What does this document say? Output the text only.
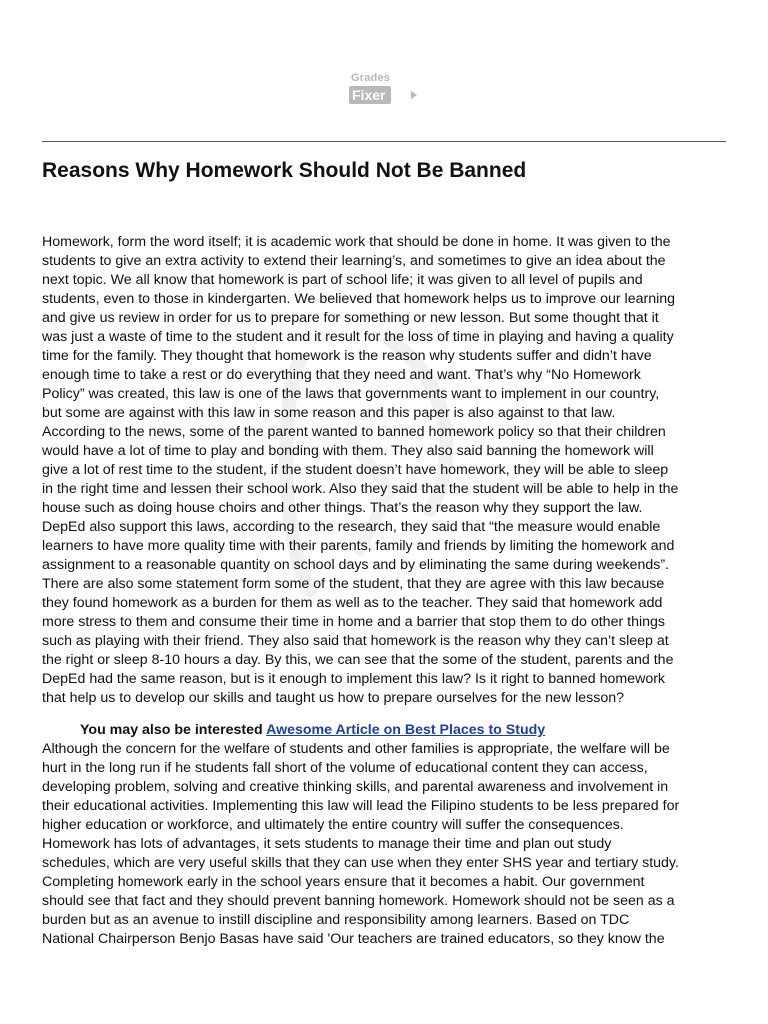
Grades
Fixer
Reasons Why Homework Should Not Be Banned
Homework, form the word itself; it is academic work that should be done in home. It was given to the
students to give an extra activity to extend their learning’s, and sometimes to give an idea about the
next topic. We all know that homework is part of school life; it was given to all level of pupils and
students, even to those in kindergarten. We believed that homework helps us to improve our learning
and give us review in order for us to prepare for something or new lesson. But some thought that it
was just a waste of time to the student and it result for the loss of time in playing and having a quality
time for the family. They thought that homework is the reason why students suffer and didn’t have
enough time to take a rest or do everything that they need and want. That’s why “No Homework
Policy” was created, this law is one of the laws that governments want to implement in our country,
but some are against with this law in some reason and this paper is also against to that law.
According to the news, some of the parent wanted to banned homework policy so that their children
would have a lot of time to play and bonding with them. They also said banning the homework will
give a lot of rest time to the student, if the student doesn’t have homework, they will be able to sleep
in the right time and lessen their school work. Also they said that the student will be able to help in the
house such as doing house choirs and other things. That’s the reason why they support the law.
DepEd also support this laws, according to the research, they said that “the measure would enable
learners to have more quality time with their parents, family and friends by limiting the homework and
assignment to a reasonable quantity on school days and by eliminating the same during weekends”.
There are also some statement form some of the student, that they are agree with this law because
they found homework as a burden for them as well as to the teacher. They said that homework add
more stress to them and consume their time in home and a barrier that stop them to do other things
such as playing with their friend. They also said that homework is the reason why they can’t sleep at
the right or sleep 8-10 hours a day. By this, we can see that the some of the student, parents and the
DepEd had the same reason, but is it enough to implement this law? Is it right to banned homework
that help us to develop our skills and taught us how to prepare ourselves for the new lesson?
You may also be interested Awesome Article on Best Places to Study
Although the concern for the welfare of students and other families is appropriate, the welfare will be
hurt in the long run if he students fall short of the volume of educational content they can access,
developing problem, solving and creative thinking skills, and parental awareness and involvement in
their educational activities. Implementing this law will lead the Filipino students to be less prepared for
higher education or workforce, and ultimately the entire country will suffer the consequences.
Homework has lots of advantages, it sets students to manage their time and plan out study
schedules, which are very useful skills that they can use when they enter SHS year and tertiary study.
Completing homework early in the school years ensure that it becomes a habit. Our government
should see that fact and they should prevent banning homework. Homework should not be seen as a
burden but as an avenue to instill discipline and responsibility among learners. Based on TDC
National Chairperson Benjo Basas have said 'Our teachers are trained educators, so they know the
